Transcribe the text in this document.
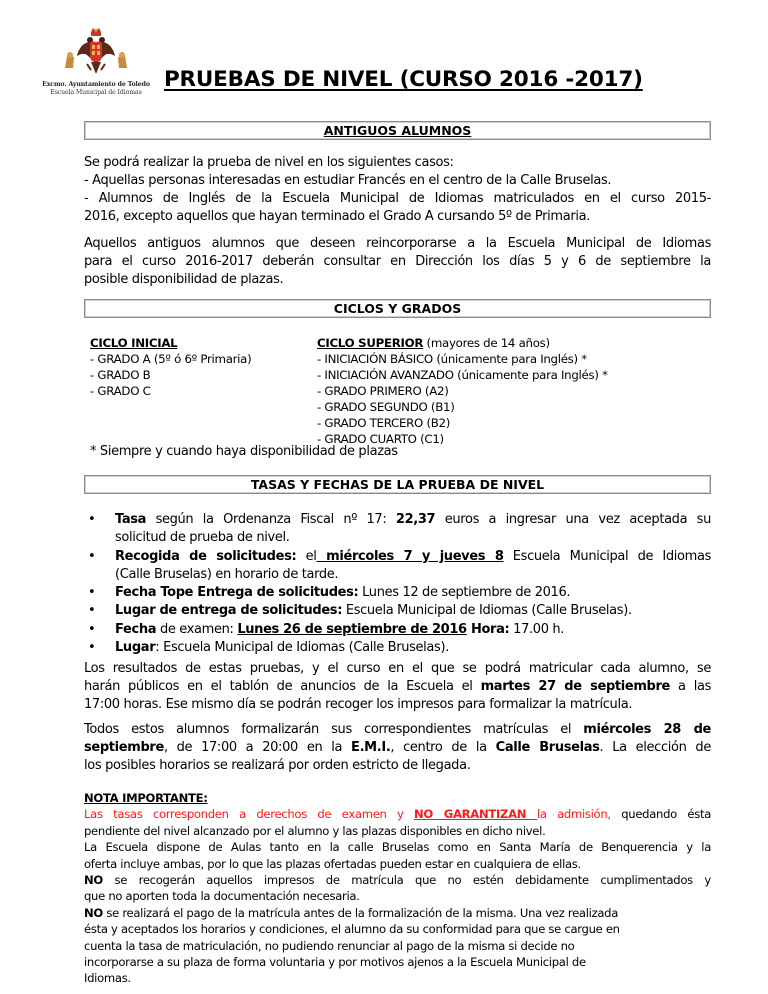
Excmo. Ayuntamiento de Toledo
Escuela Municipal de Idiomas
PRUEBAS DE NIVEL (CURSO 2016 -2017)
ANTIGUOS ALUMNOS
Se podrá realizar la prueba de nivel en los siguientes casos:
- Aquellas personas interesadas en estudiar Francés en el centro de la Calle Bruselas.
- Alumnos de Inglés de la Escuela Municipal de Idiomas matriculados en el curso 2015-
2016, excepto aquellos que hayan terminado el Grado A cursando 5º de Primaria.
Aquellos antiguos alumnos que deseen reincorporarse a la Escuela Municipal de Idiomas
para el curso 2016-2017 deberán consultar en Dirección los días 5 y 6 de septiembre la
posible disponibilidad de plazas.
CICLOS Y GRADOS
CICLO INICIAL
- GRADO A (5º ó 6º Primaria)
- GRADO B
- GRADO C
CICLO SUPERIOR (mayores de 14 años)
- INICIACIÓN BÁSICO (únicamente para Inglés) *
- INICIACIÓN AVANZADO (únicamente para Inglés) *
- GRADO PRIMERO (A2)
- GRADO SEGUNDO (B1)
- GRADO TERCERO (B2)
- GRADO CUARTO (C1)
* Siempre y cuando haya disponibilidad de plazas
TASAS Y FECHAS DE LA PRUEBA DE NIVEL
• Tasa según la Ordenanza Fiscal nº 17: 22,37 euros a ingresar una vez aceptada su
solicitud de prueba de nivel.
• Recogida de solicitudes: el miércoles 7 y jueves 8 Escuela Municipal de Idiomas
(Calle Bruselas) en horario de tarde.
• Fecha Tope Entrega de solicitudes: Lunes 12 de septiembre de 2016.
• Lugar de entrega de solicitudes: Escuela Municipal de Idiomas (Calle Bruselas).
• Fecha de examen: Lunes 26 de septiembre de 2016 Hora: 17.00 h.
• Lugar: Escuela Municipal de Idiomas (Calle Bruselas).
Los resultados de estas pruebas, y el curso en el que se podrá matricular cada alumno, se
harán públicos en el tablón de anuncios de la Escuela el martes 27 de septiembre a las
17:00 horas. Ese mismo día se podrán recoger los impresos para formalizar la matrícula.
Todos estos alumnos formalizarán sus correspondientes matrículas el miércoles 28 de
septiembre, de 17:00 a 20:00 en la E.M.I., centro de la Calle Bruselas. La elección de
los posibles horarios se realizará por orden estricto de llegada.
NOTA IMPORTANTE:
Las tasas corresponden a derechos de examen y NO GARANTIZAN la admisión, quedando ésta
pendiente del nivel alcanzado por el alumno y las plazas disponibles en dicho nivel.
La Escuela dispone de Aulas tanto en la calle Bruselas como en Santa María de Benquerencia y la
oferta incluye ambas, por lo que las plazas ofertadas pueden estar en cualquiera de ellas.
NO se recogerán aquellos impresos de matrícula que no estén debidamente cumplimentados y
que no aporten toda la documentación necesaria.
NO se realizará el pago de la matrícula antes de la formalización de la misma. Una vez realizada
ésta y aceptados los horarios y condiciones, el alumno da su conformidad para que se cargue en
cuenta la tasa de matriculación, no pudiendo renunciar al pago de la misma si decide no
incorporarse a su plaza de forma voluntaria y por motivos ajenos a la Escuela Municipal de
Idiomas.
